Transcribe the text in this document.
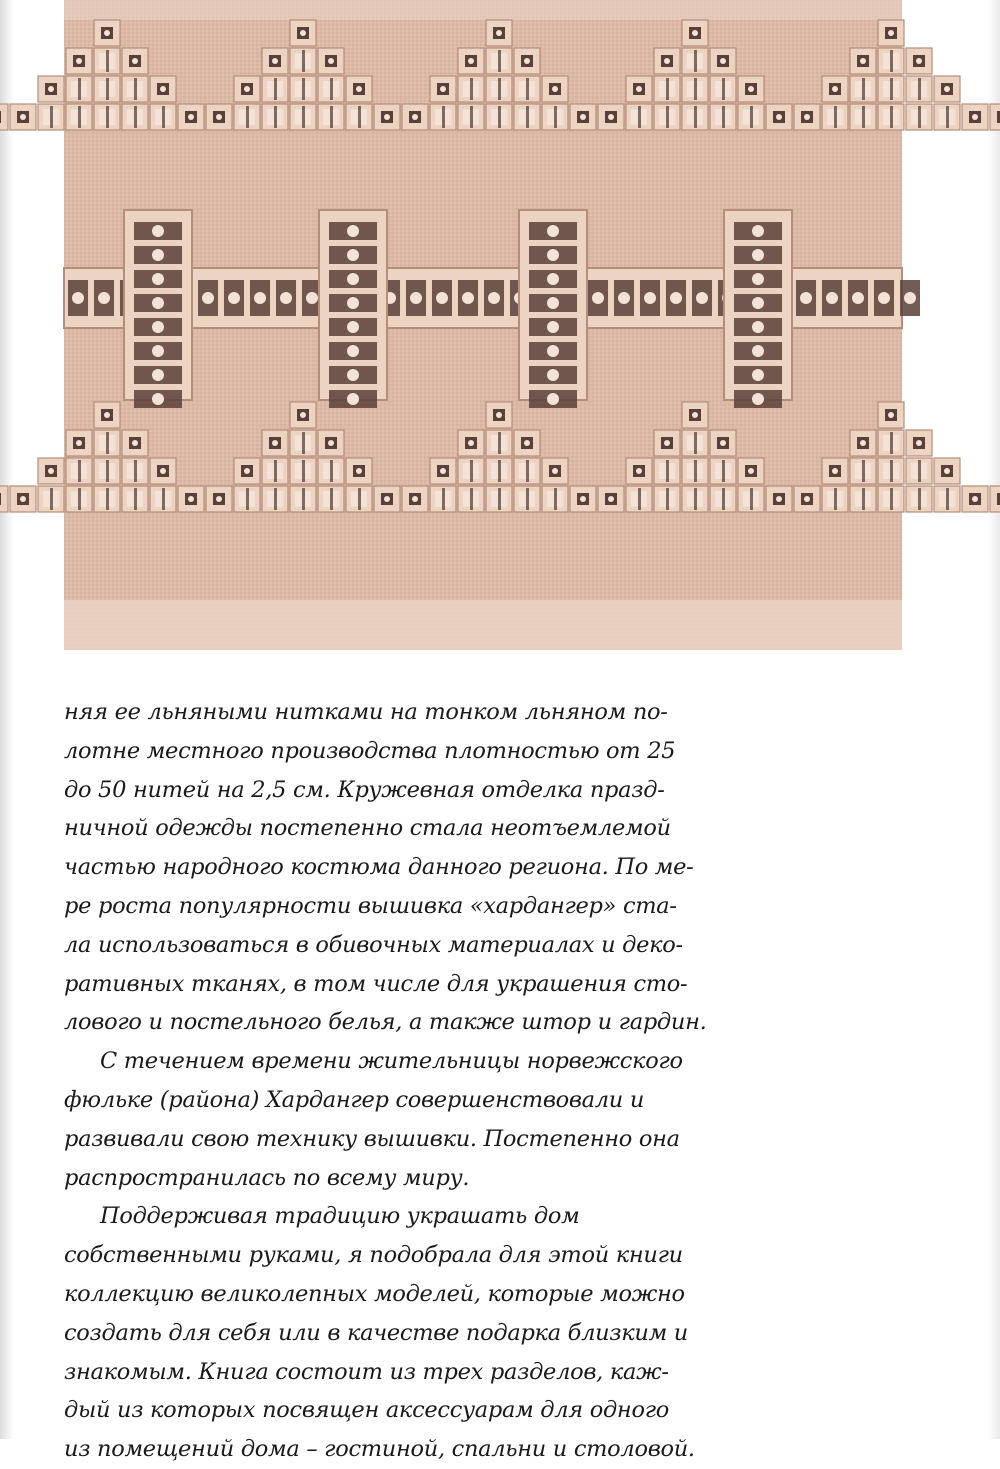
няя ее льняными нитками на тонком льняном по-
лотне местного производства плотностью от 25
до 50 нитей на 2,5 см. Кружевная отделка празд-
ничной одежды постепенно стала неотъемлемой
частью народного костюма данного региона. По ме-
ре роста популярности вышивка «хардангер» ста-
ла использоваться в обивочных материалах и деко-
ративных тканях, в том числе для украшения сто-
лового и постельного белья, а также штор и гардин.
С течением времени жительницы норвежского
фюльке (района) Хардангер совершенствовали и
развивали свою технику вышивки. Постепенно она
распространилась по всему миру.
Поддерживая традицию украшать дом
собственными руками, я подобрала для этой книги
коллекцию великолепных моделей, которые можно
создать для себя или в качестве подарка близким и
знакомым. Книга состоит из трех разделов, каж-
дый из которых посвящен аксессуарам для одного
из помещений дома – гостиной, спальни и столовой.
